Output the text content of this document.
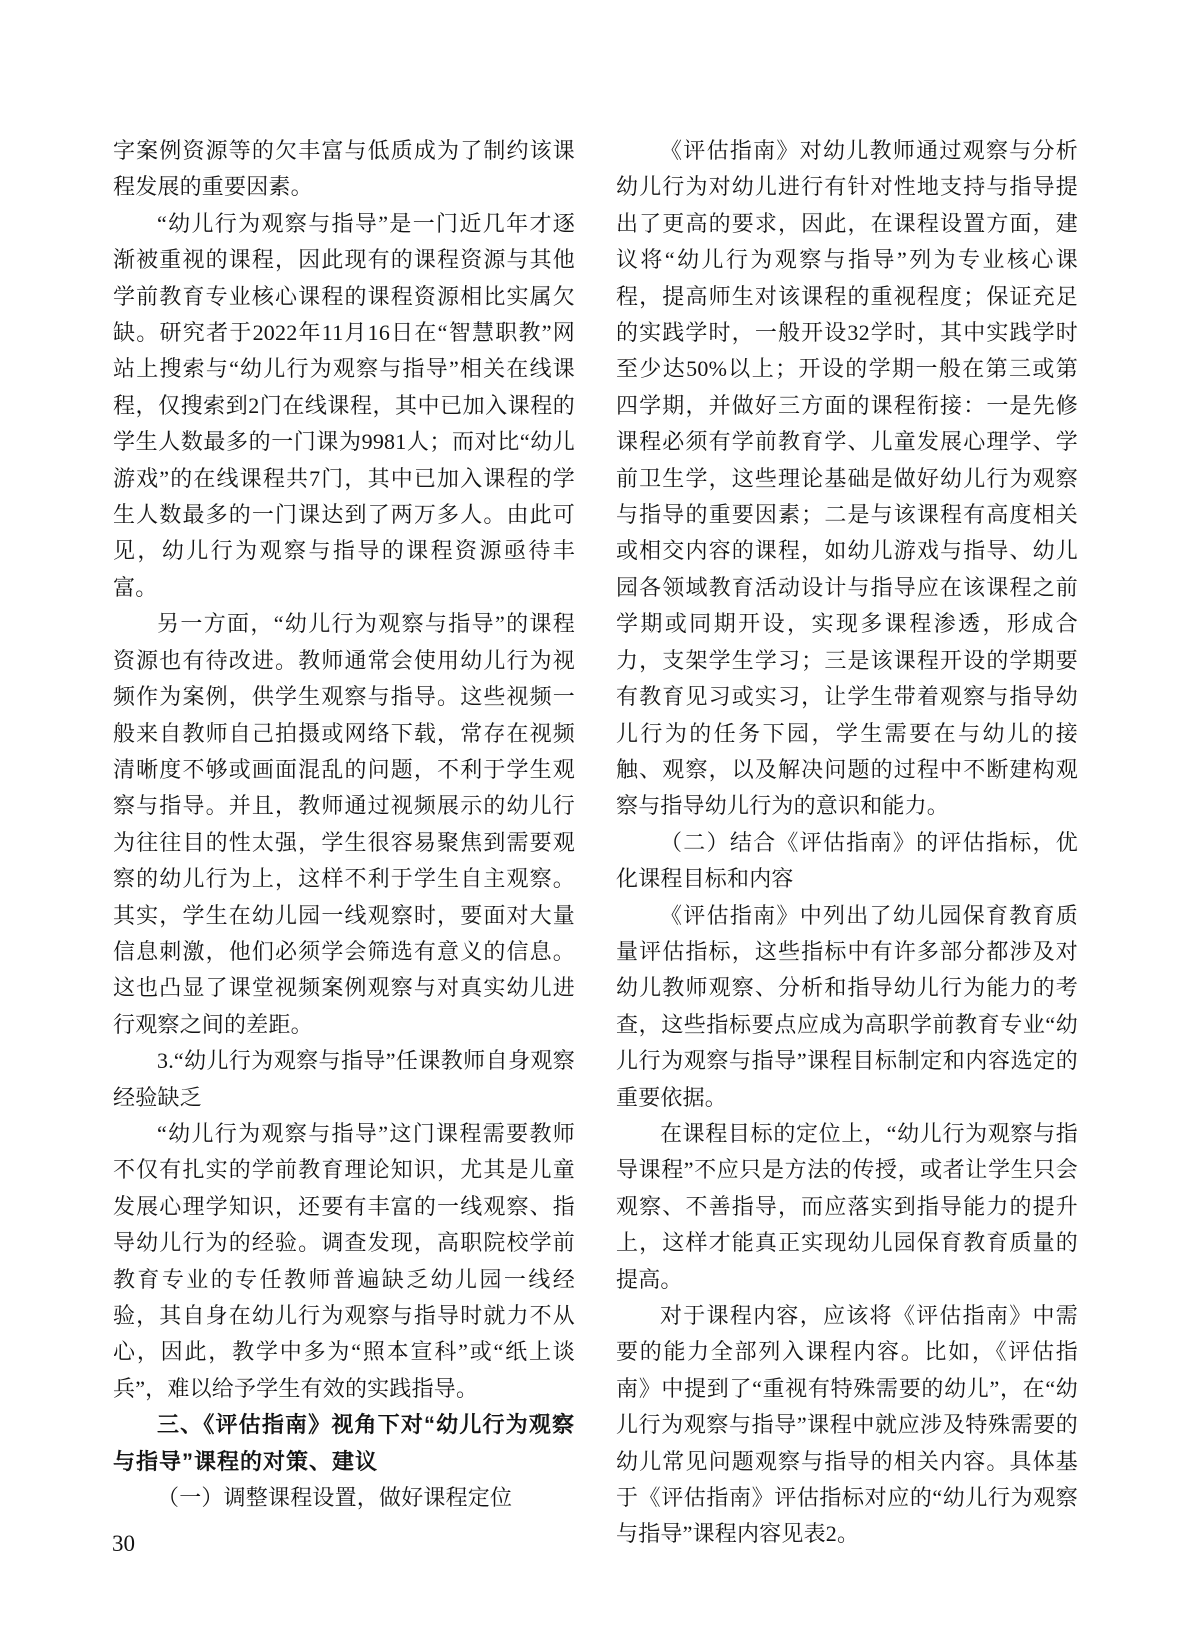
字案例资源等的欠丰富与低质成为了制约该课程发展的重要因素。

“幼儿行为观察与指导”是一门近几年才逐渐被重视的课程，因此现有的课程资源与其他学前教育专业核心课程的课程资源相比实属欠缺。研究者于2022年11月16日在“智慧职教”网站上搜索与“幼儿行为观察与指导”相关在线课程，仅搜索到2门在线课程，其中已加入课程的学生人数最多的一门课为9981人；而对比“幼儿游戏”的在线课程共7门，其中已加入课程的学生人数最多的一门课达到了两万多人。由此可见，幼儿行为观察与指导的课程资源亟待丰富。

另一方面，“幼儿行为观察与指导”的课程资源也有待改进。教师通常会使用幼儿行为视频作为案例，供学生观察与指导。这些视频一般来自教师自己拍摄或网络下载，常存在视频清晰度不够或画面混乱的问题，不利于学生观察与指导。并且，教师通过视频展示的幼儿行为往往目的性太强，学生很容易聚焦到需要观察的幼儿行为上，这样不利于学生自主观察。其实，学生在幼儿园一线观察时，要面对大量信息刺激，他们必须学会筛选有意义的信息。这也凸显了课堂视频案例观察与对真实幼儿进行观察之间的差距。

3.“幼儿行为观察与指导”任课教师自身观察经验缺乏

“幼儿行为观察与指导”这门课程需要教师不仅有扎实的学前教育理论知识，尤其是儿童发展心理学知识，还要有丰富的一线观察、指导幼儿行为的经验。调查发现，高职院校学前教育专业的专任教师普遍缺乏幼儿园一线经验，其自身在幼儿行为观察与指导时就力不从心，因此，教学中多为“照本宣科”或“纸上谈兵”，难以给予学生有效的实践指导。

三、《评估指南》视角下对“幼儿行为观察与指导”课程的对策、建议

（一）调整课程设置，做好课程定位

《评估指南》对幼儿教师通过观察与分析幼儿行为对幼儿进行有针对性地支持与指导提出了更高的要求，因此，在课程设置方面，建议将“幼儿行为观察与指导”列为专业核心课程，提高师生对该课程的重视程度；保证充足的实践学时，一般开设32学时，其中实践学时至少达50%以上；开设的学期一般在第三或第四学期，并做好三方面的课程衔接：一是先修课程必须有学前教育学、儿童发展心理学、学前卫生学，这些理论基础是做好幼儿行为观察与指导的重要因素；二是与该课程有高度相关或相交内容的课程，如幼儿游戏与指导、幼儿园各领域教育活动设计与指导应在该课程之前学期或同期开设，实现多课程渗透，形成合力，支架学生学习；三是该课程开设的学期要有教育见习或实习，让学生带着观察与指导幼儿行为的任务下园，学生需要在与幼儿的接触、观察，以及解决问题的过程中不断建构观察与指导幼儿行为的意识和能力。

（二）结合《评估指南》的评估指标，优化课程目标和内容

《评估指南》中列出了幼儿园保育教育质量评估指标，这些指标中有许多部分都涉及对幼儿教师观察、分析和指导幼儿行为能力的考查，这些指标要点应成为高职学前教育专业“幼儿行为观察与指导”课程目标制定和内容选定的重要依据。

在课程目标的定位上，“幼儿行为观察与指导课程”不应只是方法的传授，或者让学生只会观察、不善指导，而应落实到指导能力的提升上，这样才能真正实现幼儿园保育教育质量的提高。

对于课程内容，应该将《评估指南》中需要的能力全部列入课程内容。比如，《评估指南》中提到了“重视有特殊需要的幼儿”，在“幼儿行为观察与指导”课程中就应涉及特殊需要的幼儿常见问题观察与指导的相关内容。具体基于《评估指南》评估指标对应的“幼儿行为观察与指导”课程内容见表2。

30
